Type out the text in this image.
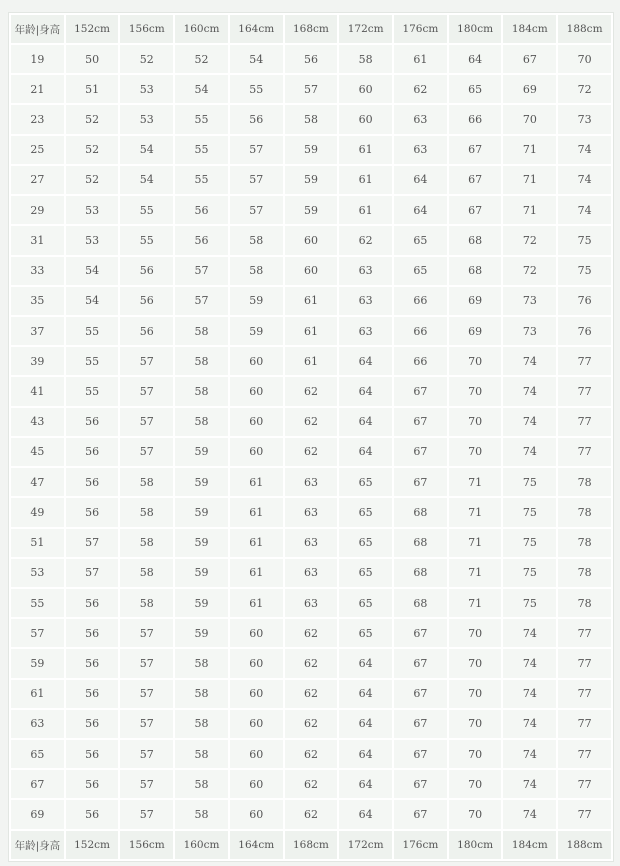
年龄|身高	152cm	156cm	160cm	164cm	168cm	172cm	176cm	180cm	184cm	188cm
19	50	52	52	54	56	58	61	64	67	70
21	51	53	54	55	57	60	62	65	69	72
23	52	53	55	56	58	60	63	66	70	73
25	52	54	55	57	59	61	63	67	71	74
27	52	54	55	57	59	61	64	67	71	74
29	53	55	56	57	59	61	64	67	71	74
31	53	55	56	58	60	62	65	68	72	75
33	54	56	57	58	60	63	65	68	72	75
35	54	56	57	59	61	63	66	69	73	76
37	55	56	58	59	61	63	66	69	73	76
39	55	57	58	60	61	64	66	70	74	77
41	55	57	58	60	62	64	67	70	74	77
43	56	57	58	60	62	64	67	70	74	77
45	56	57	59	60	62	64	67	70	74	77
47	56	58	59	61	63	65	67	71	75	78
49	56	58	59	61	63	65	68	71	75	78
51	57	58	59	61	63	65	68	71	75	78
53	57	58	59	61	63	65	68	71	75	78
55	56	58	59	61	63	65	68	71	75	78
57	56	57	59	60	62	65	67	70	74	77
59	56	57	58	60	62	64	67	70	74	77
61	56	57	58	60	62	64	67	70	74	77
63	56	57	58	60	62	64	67	70	74	77
65	56	57	58	60	62	64	67	70	74	77
67	56	57	58	60	62	64	67	70	74	77
69	56	57	58	60	62	64	67	70	74	77
年龄|身高	152cm	156cm	160cm	164cm	168cm	172cm	176cm	180cm	184cm	188cm
